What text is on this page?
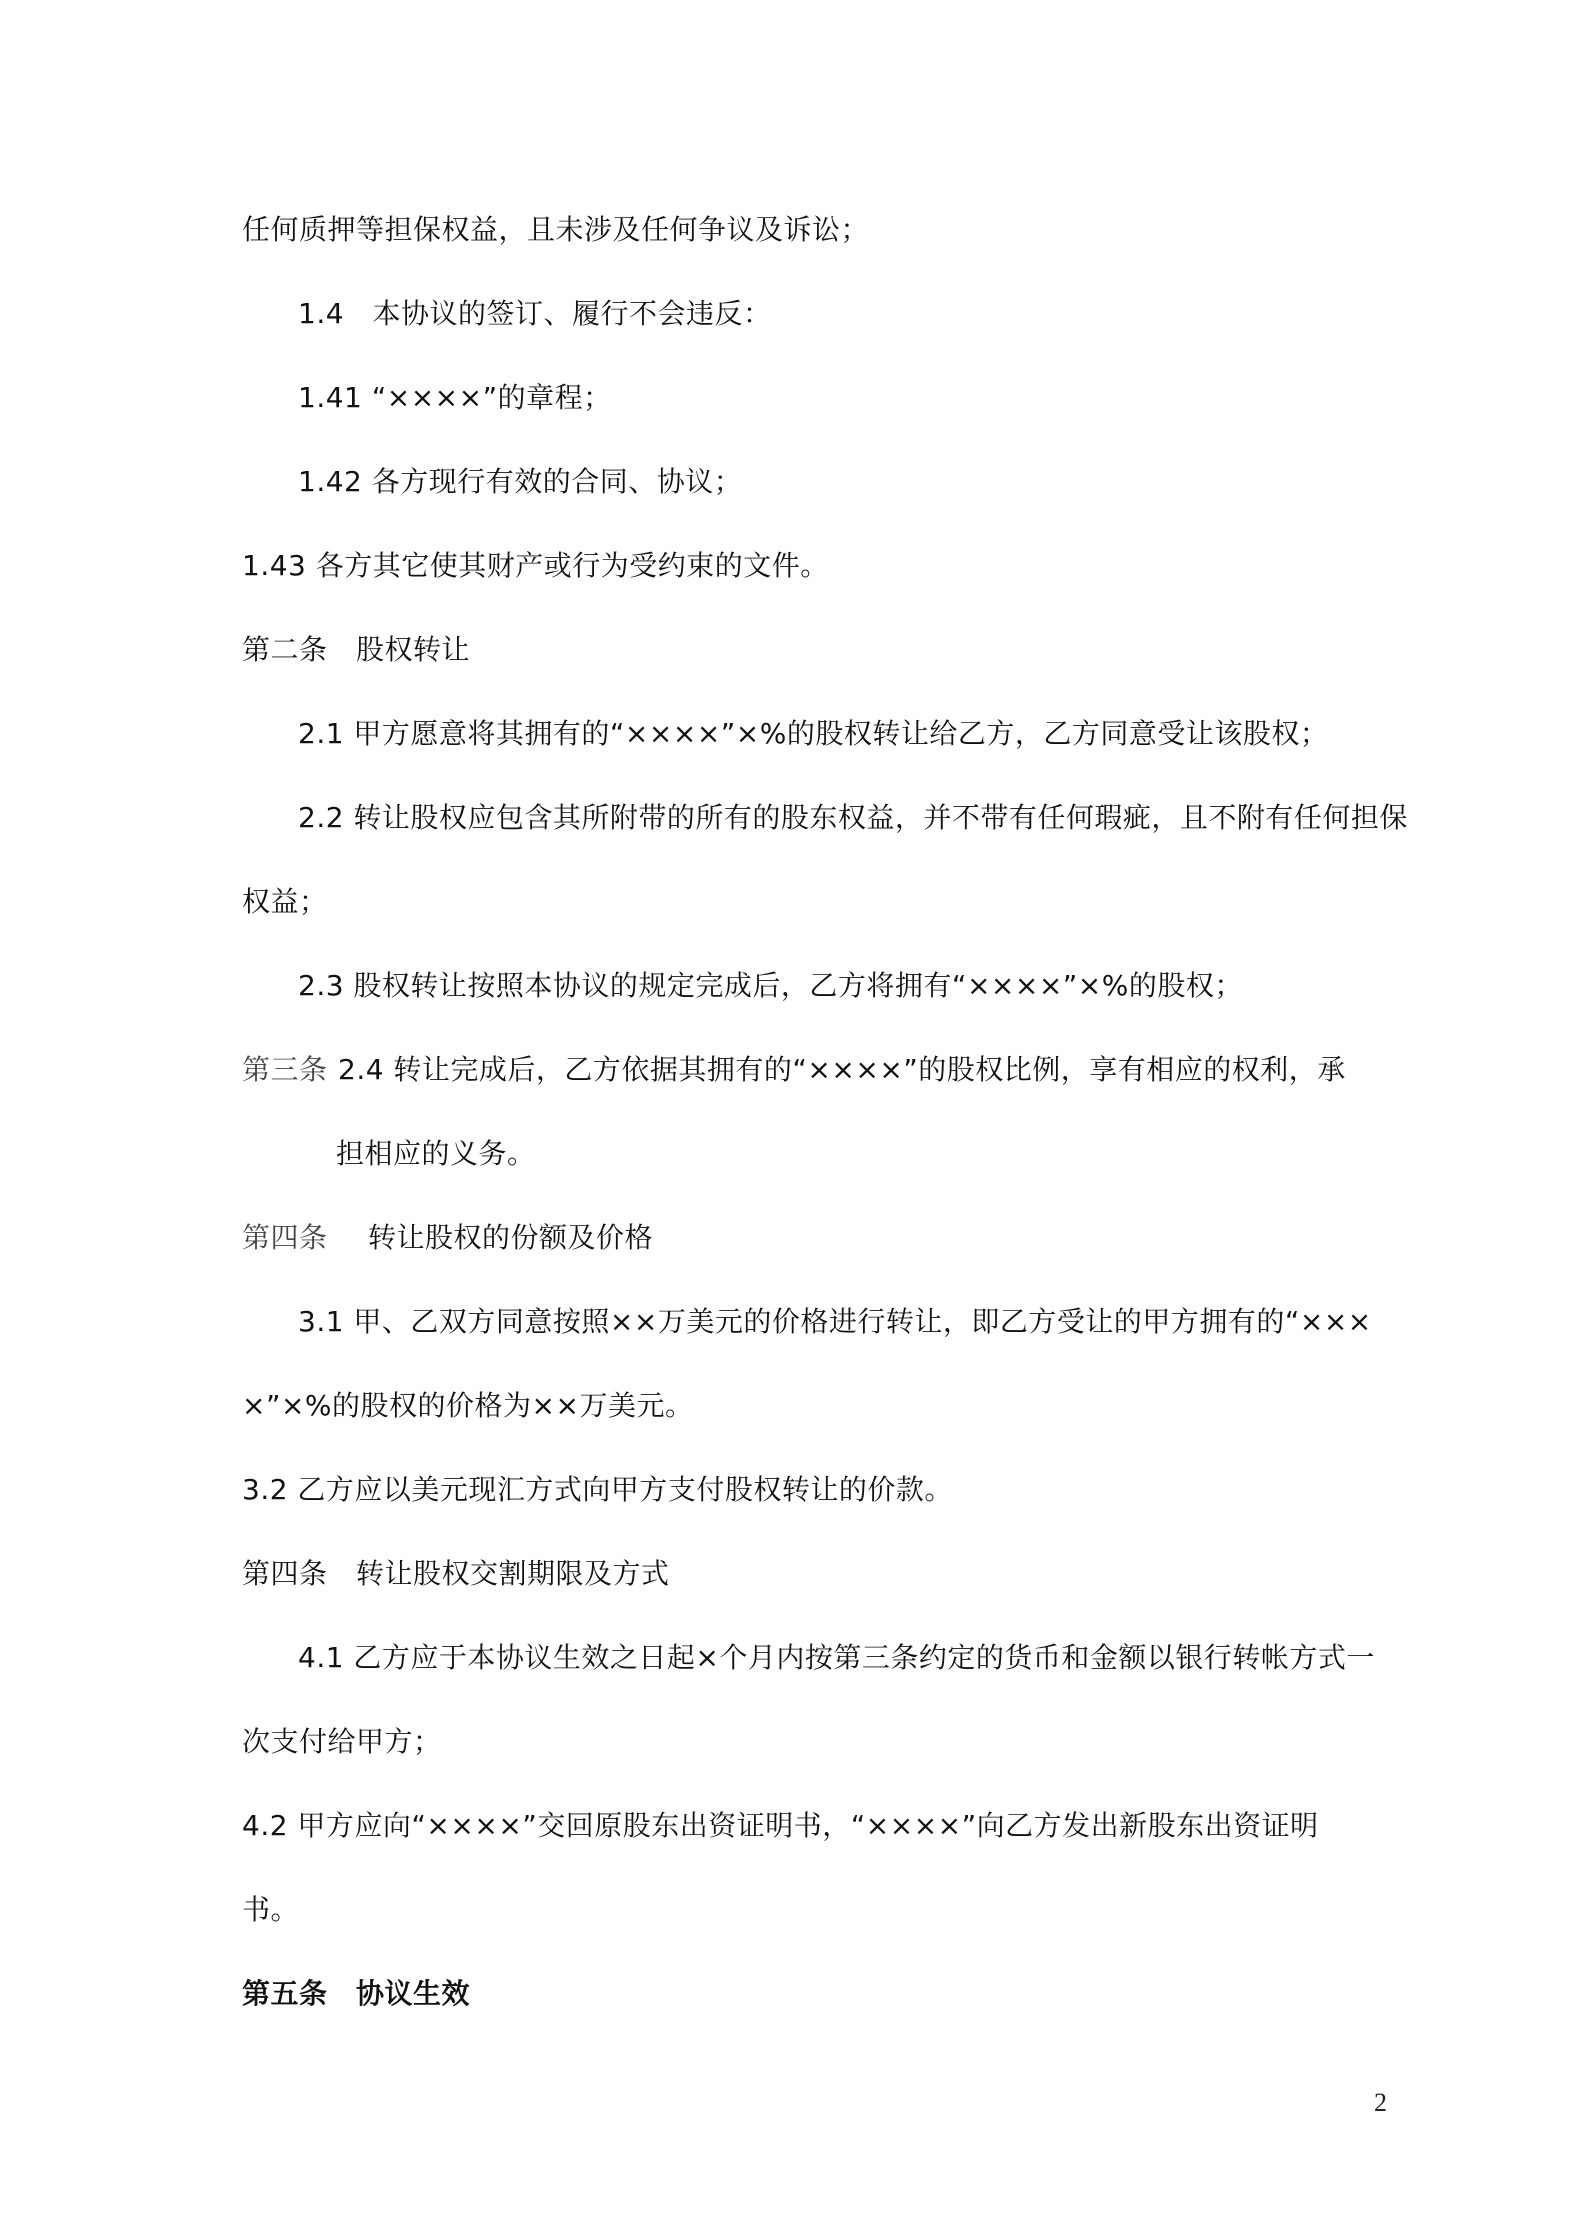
任何质押等担保权益，且未涉及任何争议及诉讼；
1.4　本协议的签订、履行不会违反：
1.41 “××××”的章程；
1.42 各方现行有效的合同、协议；
1.43 各方其它使其财产或行为受约束的文件。
第二条　股权转让
2.1 甲方愿意将其拥有的“××××”×%的股权转让给乙方，乙方同意受让该股权；
2.2 转让股权应包含其所附带的所有的股东权益，并不带有任何瑕疵，且不附有任何担保
权益；
2.3 股权转让按照本协议的规定完成后，乙方将拥有“××××”×%的股权；
第三条 2.4 转让完成后，乙方依据其拥有的“××××”的股权比例，享有相应的权利，承
担相应的义务。
第四条 转让股权的份额及价格
3.1 甲、乙双方同意按照××万美元的价格进行转让，即乙方受让的甲方拥有的“×××
×”×%的股权的价格为××万美元。
3.2 乙方应以美元现汇方式向甲方支付股权转让的价款。
第四条　转让股权交割期限及方式
4.1 乙方应于本协议生效之日起×个月内按第三条约定的货币和金额以银行转帐方式一
次支付给甲方；
4.2 甲方应向“××××”交回原股东出资证明书，“××××”向乙方发出新股东出资证明
书。
第五条　协议生效
2
